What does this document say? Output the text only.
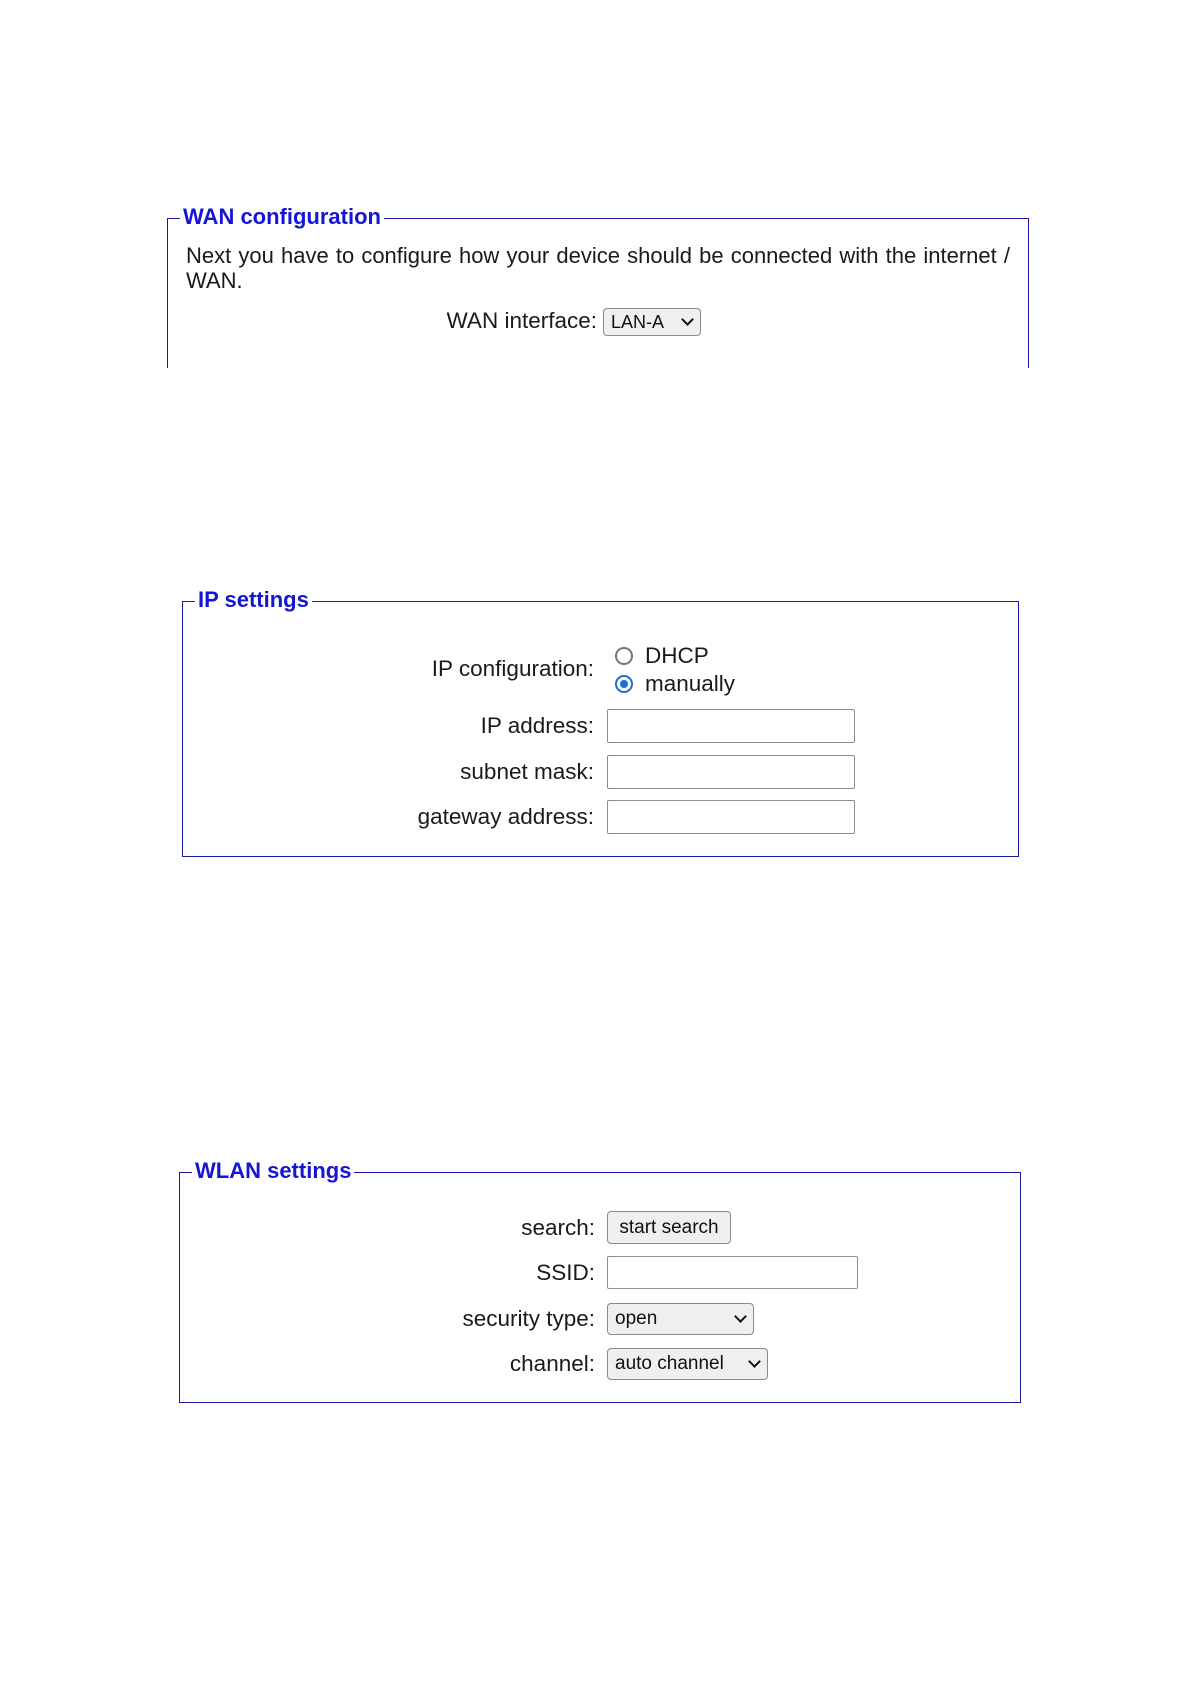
WAN configuration
Next you have to configure how your device should be connected with the internet / WAN.
WAN interface: LAN-A
IP settings
IP configuration:
DHCP
manually
IP address:
subnet mask:
gateway address:
WLAN settings
search:	start search
SSID:
security type: open
channel: auto channel
